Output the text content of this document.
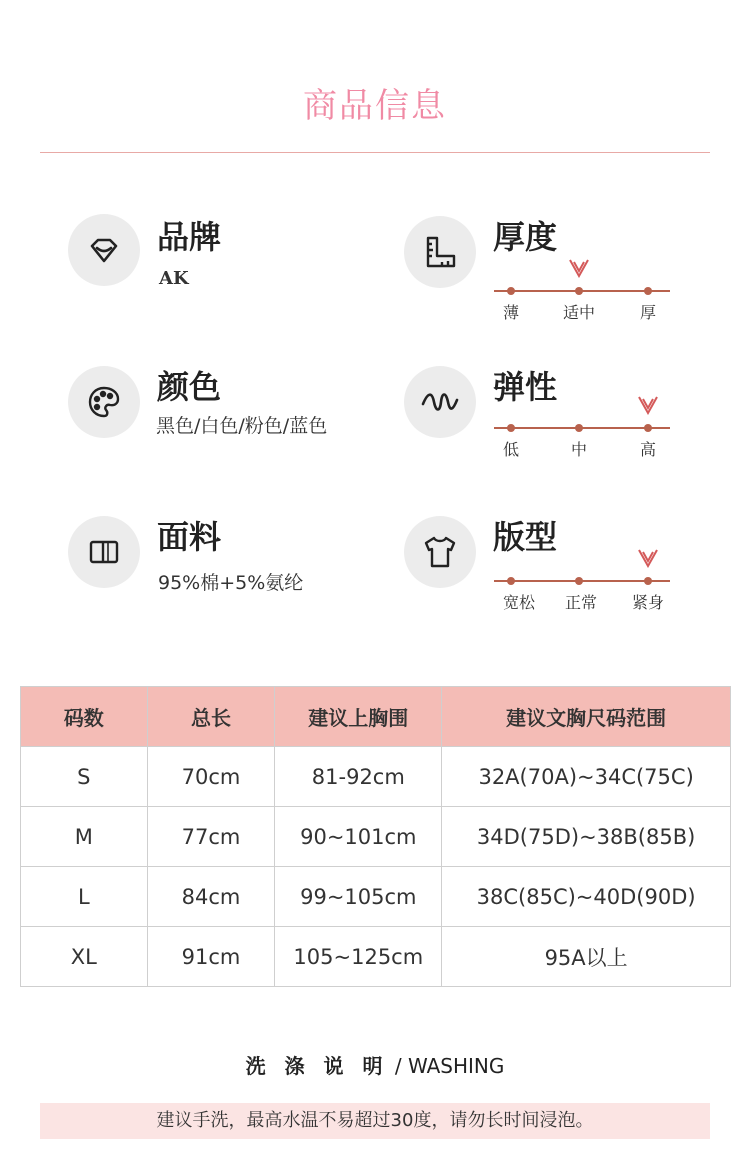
商品信息
品牌
AK
厚度
薄	适中	厚
颜色
黑色/白色/粉色/蓝色
弹性
低	中	高
面料
95%棉+5%氨纶
版型
宽松 正常 紧身
码数	总长	建议上胸围	建议文胸尺码范围
S	70cm	81-92cm	32A(70A)~34C(75C)
M	77cm	90~101cm	34D(75D)~38B(85B)
L	84cm	99~105cm	38C(85C)~40D(90D)
XL	91cm	105~125cm	95A以上
洗 涤 说 明 / WASHING
建议手洗，最高水温不易超过30度，请勿长时间浸泡。
